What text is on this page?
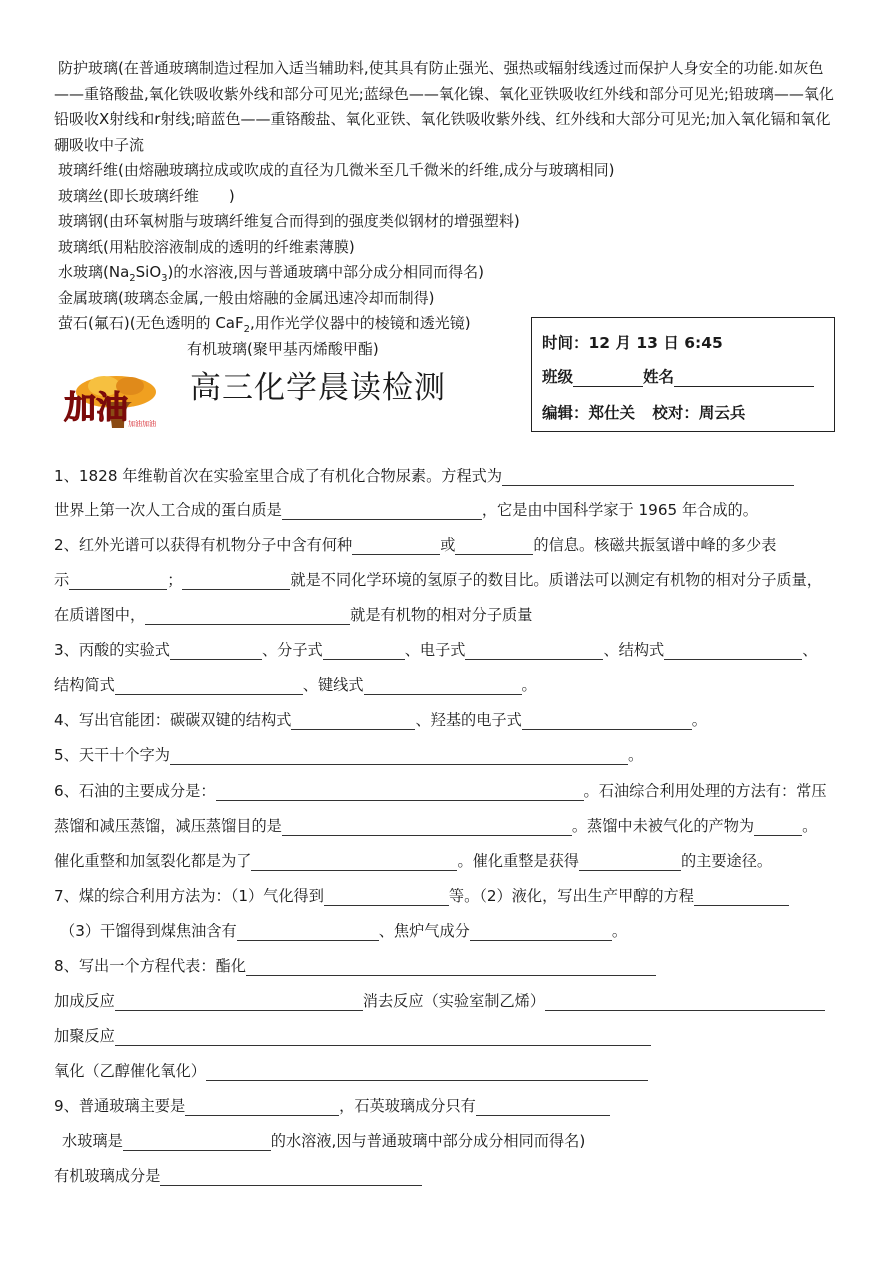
防护玻璃(在普通玻璃制造过程加入适当辅助料,使其具有防止强光、强热或辐射线透过而保护人身安全的功能.如灰色——重铬酸盐,氧化铁吸收紫外线和部分可见光;蓝绿色——氧化镍、氧化亚铁吸收红外线和部分可见光;铅玻璃——氧化铅吸收X射线和r射线;暗蓝色——重铬酸盐、氧化亚铁、氧化铁吸收紫外线、红外线和大部分可见光;加入氧化镉和氧化硼吸收中子流

玻璃纤维(由熔融玻璃拉成或吹成的直径为几微米至几千微米的纤维,成分与玻璃相同)

玻璃丝(即长玻璃纤维　　)

玻璃钢(由环氧树脂与玻璃纤维复合而得到的强度类似钢材的增强塑料)

玻璃纸(用粘胶溶液制成的透明的纤维素薄膜)

水玻璃$(Na_2SiO_3)$的水溶液,因与普通玻璃中部分成分相同而得名)

金属玻璃(玻璃态金属,一般由熔融的金属迅速冷却而制得)

萤石(氟石)(无色透明的 CaF$_2$,用作光学仪器中的棱镜和透光镜)

有机玻璃(聚甲基丙烯酸甲酯)

加油 加油加油
高三化学晨读检测
时间：12 月 13 日 6:45
班级	姓名
编辑：郑仕关 校对：周云兵
1、1828 年维勒首次在实验室里合成了有机化合物尿素。方程式为
世界上第一次人工合成的蛋白质是	，它是由中国科学家于 1965 年合成的。
2、红外光谱可以获得有机物分子中含有何种	或	的信息。核磁共振氢谱中峰的多少表
示	；	就是不同化学环境的氢原子的数目比。质谱法可以测定有机物的相对分子质量，
在质谱图中，	就是有机物的相对分子质量
3、丙酸的实验式	、分子式	、电子式	、结构式	、
结构简式	、键线式	。
4、写出官能团：碳碳双键的结构式	、羟基的电子式	。
5、天干十个字为	。
6、石油的主要成分是：	。石油综合利用处理的方法有：常压
蒸馏和减压蒸馏，减压蒸馏目的是	。蒸馏中未被气化的产物为	。
催化重整和加氢裂化都是为了	。催化重整是获得	的主要途径。
7、煤的综合利用方法为：（1）气化得到	等。（2）液化，写出生产甲醇的方程
（3）干馏得到煤焦油含有	、焦炉气成分	。
8、写出一个方程代表：酯化
加成反应	消去反应（实验室制乙烯）
加聚反应
氧化（乙醇催化氧化）
9、普通玻璃主要是	，石英玻璃成分只有
水玻璃是	的水溶液,因与普通玻璃中部分成分相同而得名)
有机玻璃成分是
